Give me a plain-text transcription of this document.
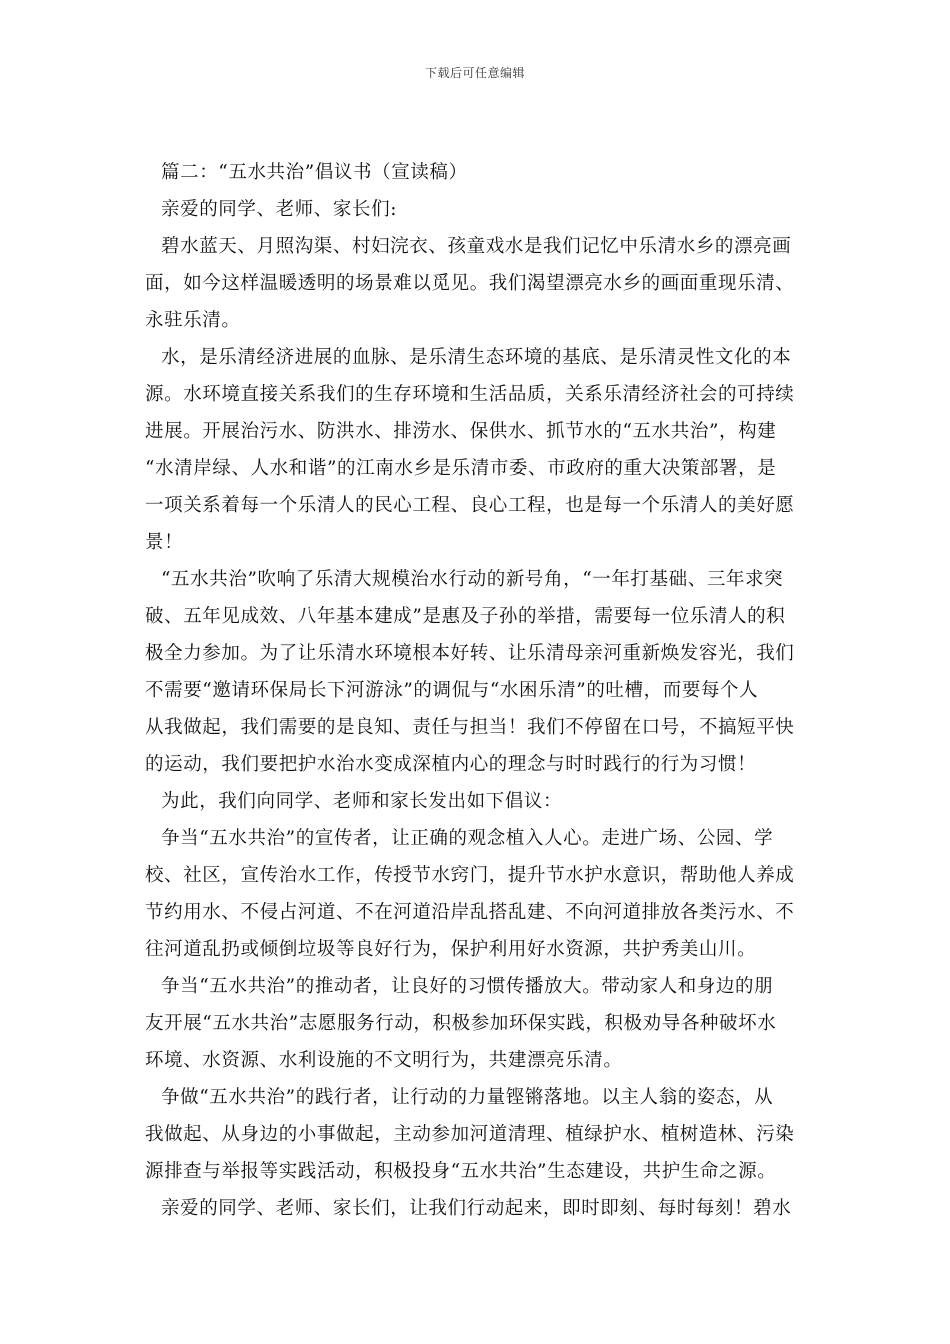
下载后可任意编辑
篇二：“五水共治”倡议书（宣读稿）
亲爱的同学、老师、家长们:
碧水蓝天、月照沟渠、村妇浣衣、孩童戏水是我们记忆中乐清水乡的漂亮画
面，如今这样温暖透明的场景难以觅见。我们渴望漂亮水乡的画面重现乐清、
永驻乐清。
水，是乐清经济进展的血脉、是乐清生态环境的基底、是乐清灵性文化的本
源。水环境直接关系我们的生存环境和生活品质，关系乐清经济社会的可持续
进展。开展治污水、防洪水、排涝水、保供水、抓节水的“五水共治”，构建
“水清岸绿、人水和谐”的江南水乡是乐清市委、市政府的重大决策部署，是
一项关系着每一个乐清人的民心工程、良心工程，也是每一个乐清人的美好愿
景！
“五水共治”吹响了乐清大规模治水行动的新号角，“一年打基础、三年求突
破、五年见成效、八年基本建成”是惠及子孙的举措，需要每一位乐清人的积
极全力参加。为了让乐清水环境根本好转、让乐清母亲河重新焕发容光，我们
不需要“邀请环保局长下河游泳”的调侃与“水困乐清”的吐槽，而要每个人
从我做起，我们需要的是良知、责任与担当！我们不停留在口号，不搞短平快
的运动，我们要把护水治水变成深植内心的理念与时时践行的行为习惯！
为此，我们向同学、老师和家长发出如下倡议：
争当“五水共治”的宣传者，让正确的观念植入人心。走进广场、公园、学
校、社区，宣传治水工作，传授节水窍门，提升节水护水意识，帮助他人养成
节约用水、不侵占河道、不在河道沿岸乱搭乱建、不向河道排放各类污水、不
往河道乱扔或倾倒垃圾等良好行为，保护利用好水资源，共护秀美山川。
争当“五水共治”的推动者，让良好的习惯传播放大。带动家人和身边的朋
友开展“五水共治”志愿服务行动，积极参加环保实践，积极劝导各种破坏水
环境、水资源、水利设施的不文明行为，共建漂亮乐清。
争做“五水共治”的践行者，让行动的力量铿锵落地。以主人翁的姿态，从
我做起、从身边的小事做起，主动参加河道清理、植绿护水、植树造林、污染
源排查与举报等实践活动，积极投身“五水共治”生态建设，共护生命之源。
亲爱的同学、老师、家长们，让我们行动起来，即时即刻、每时每刻！碧水
